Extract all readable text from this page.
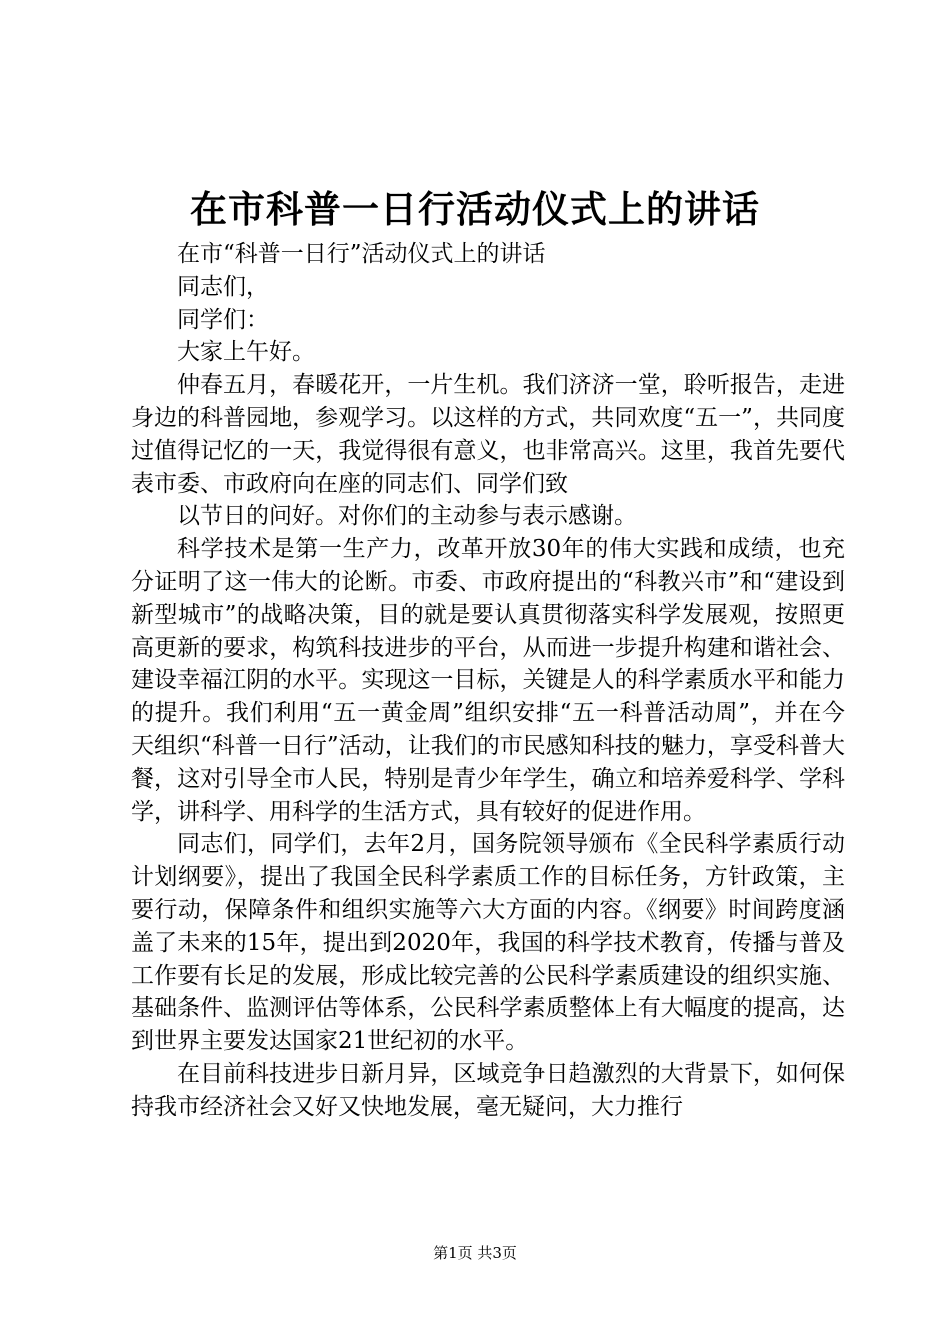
在市科普一日行活动仪式上的讲话

在市“科普一日行”活动仪式上的讲话

同志们，

同学们：

大家上午好。

仲春五月，春暖花开，一片生机。我们济济一堂，聆听报告，走进身边的科普园地，参观学习。以这样的方式，共同欢度“五一”，共同度过值得记忆的一天，我觉得很有意义，也非常高兴。这里，我首先要代表市委、市政府向在座的同志们、同学们致

以节日的问好。对你们的主动参与表示感谢。

科学技术是第一生产力，改革开放30年的伟大实践和成绩，也充分证明了这一伟大的论断。市委、市政府提出的“科教兴市”和“建设到新型城市”的战略决策，目的就是要认真贯彻落实科学发展观，按照更高更新的要求，构筑科技进步的平台，从而进一步提升构建和谐社会、建设幸福江阴的水平。实现这一目标，关键是人的科学素质水平和能力的提升。我们利用“五一黄金周”组织安排“五一科普活动周”，并在今天组织“科普一日行”活动，让我们的市民感知科技的魅力，享受科普大餐，这对引导全市人民，特别是青少年学生，确立和培养爱科学、学科学，讲科学、用科学的生活方式，具有较好的促进作用。

同志们，同学们，去年2月，国务院领导颁布《全民科学素质行动计划纲要》，提出了我国全民科学素质工作的目标任务，方针政策，主要行动，保障条件和组织实施等六大方面的内容。《纲要》时间跨度涵盖了未来的15年，提出到2020年，我国的科学技术教育，传播与普及工作要有长足的发展，形成比较完善的公民科学素质建设的组织实施、基础条件、监测评估等体系，公民科学素质整体上有大幅度的提高，达到世界主要发达国家21世纪初的水平。

在目前科技进步日新月异，区域竞争日趋激烈的大背景下，如何保持我市经济社会又好又快地发展，毫无疑问，大力推行

第1页 共3页
